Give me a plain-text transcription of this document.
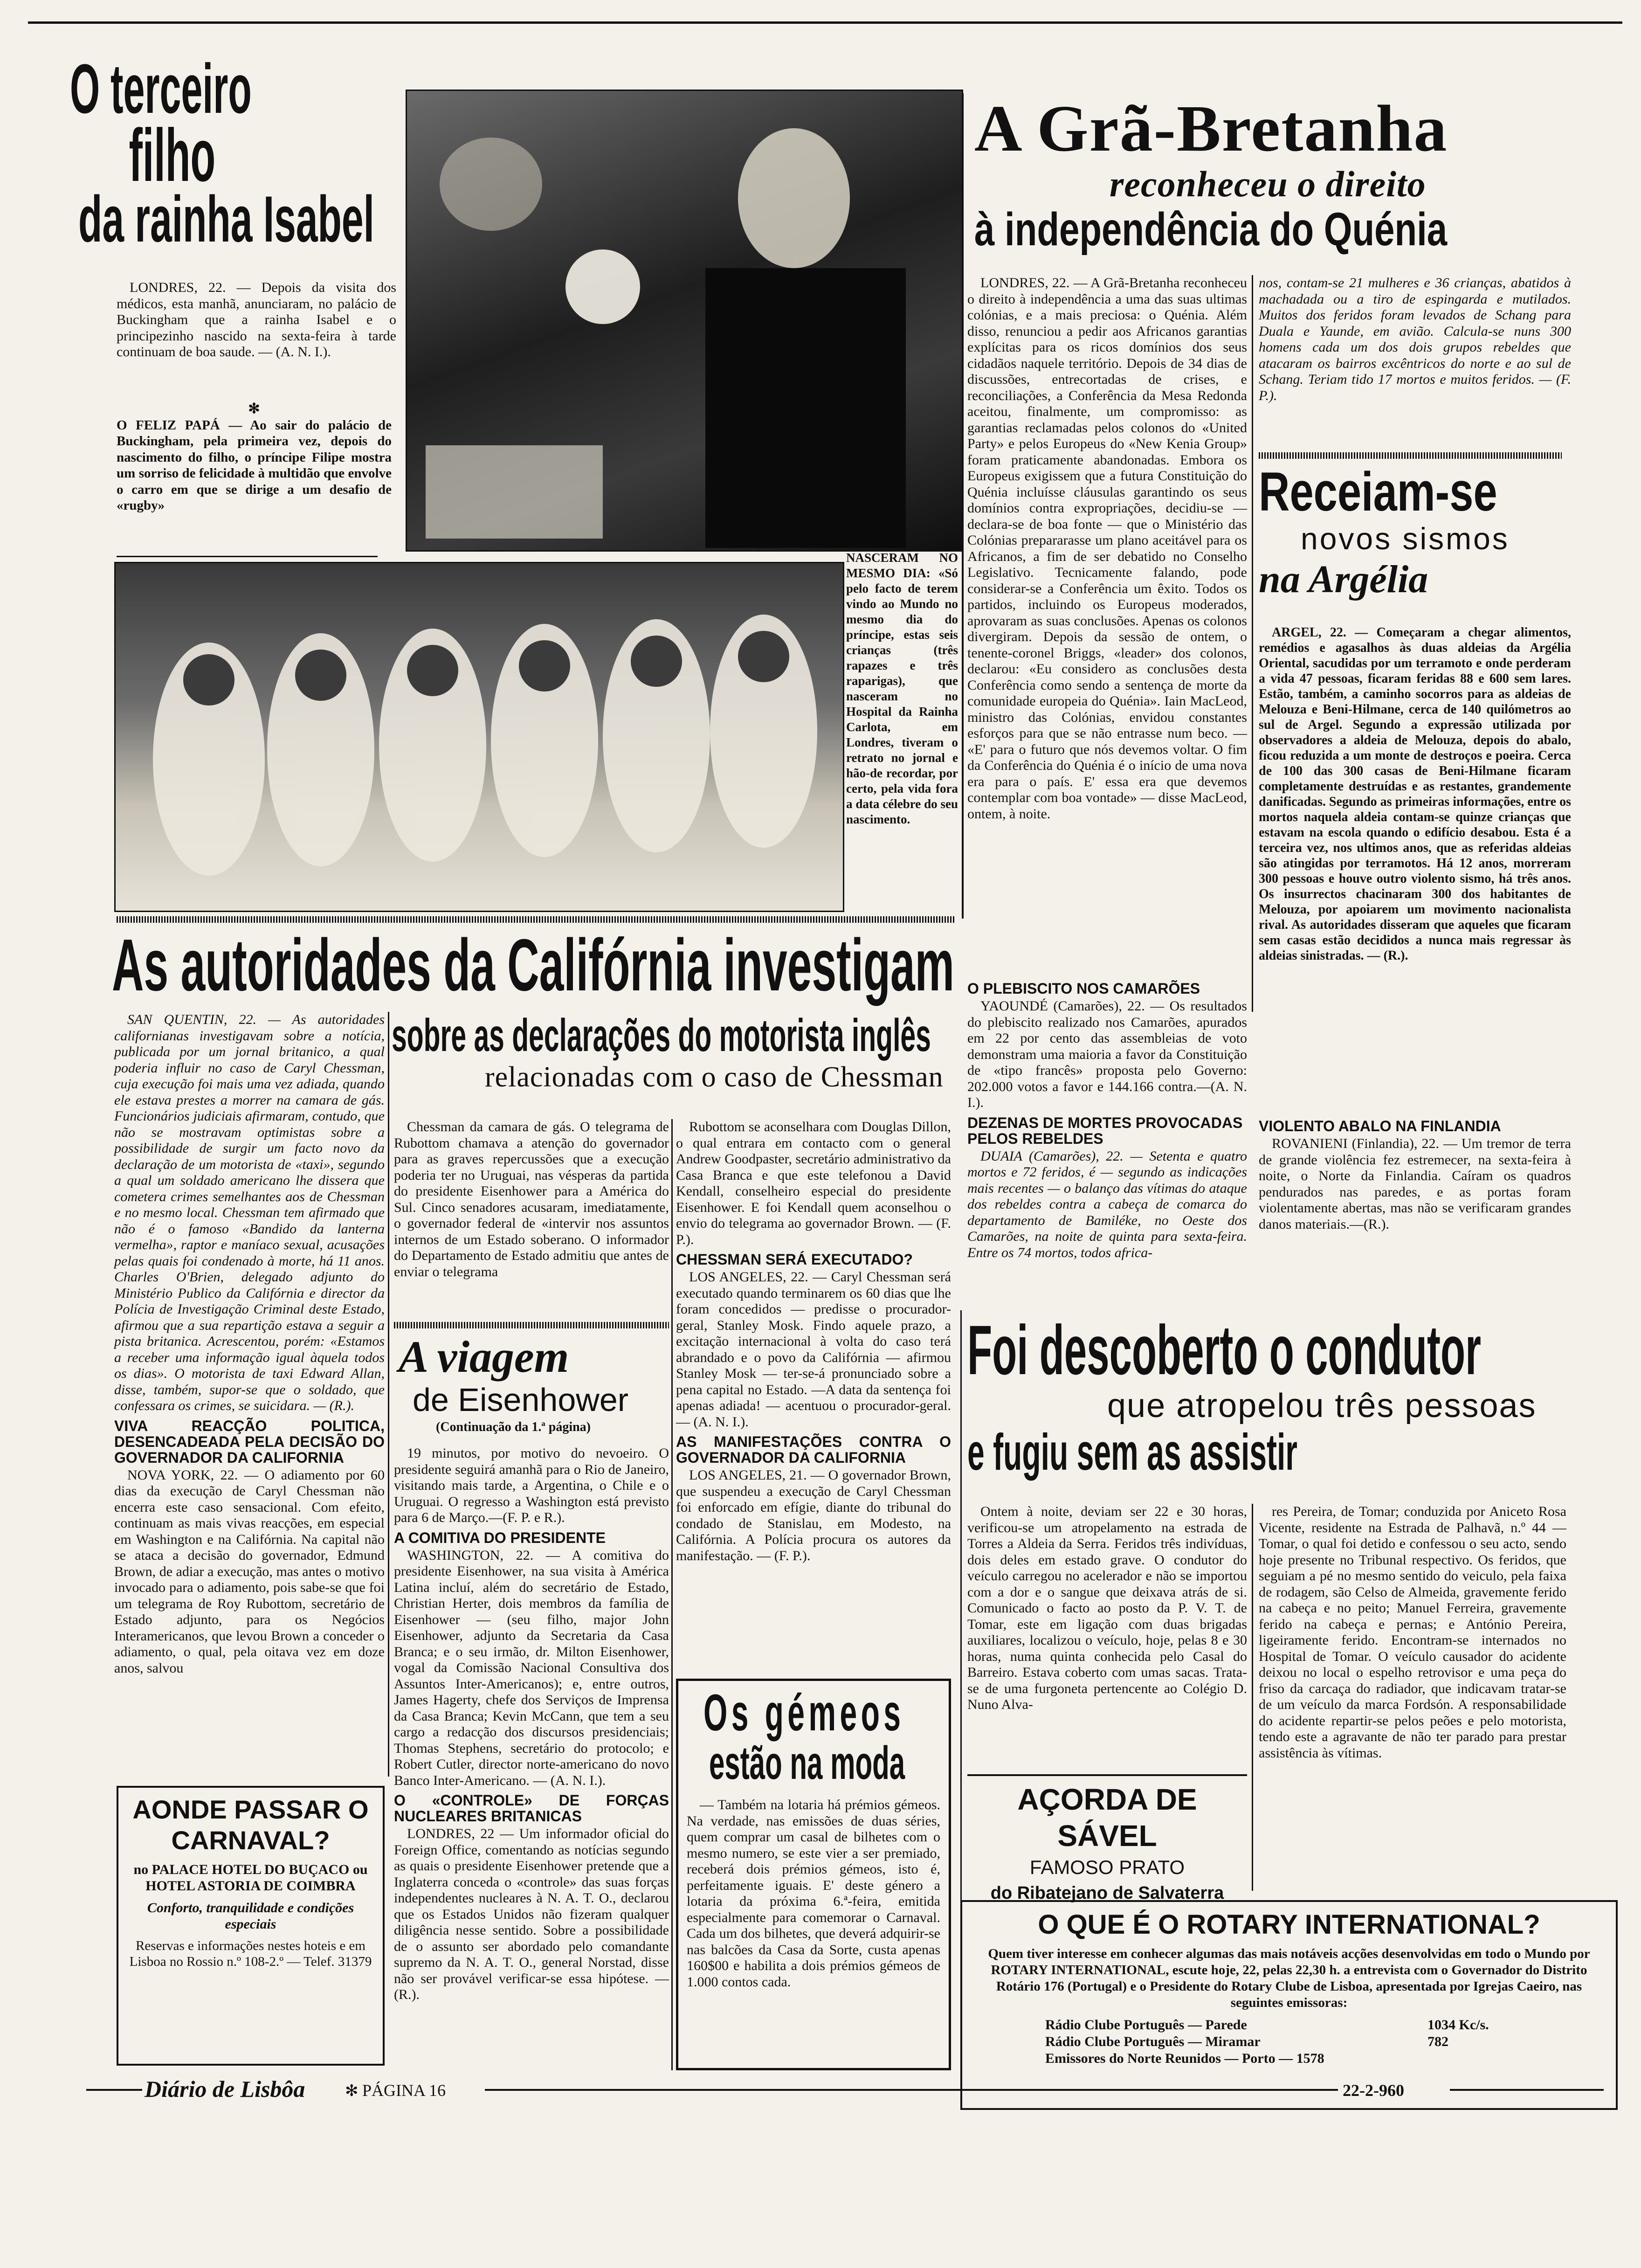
O terceiro
filho
da rainha Isabel

LONDRES, 22. — Depois da visita dos médicos, esta manhã, anunciaram, no palácio de Buckingham que a rainha Isabel e o principezinho nascido na sexta-feira à tarde continuam de boa saude. — (A. N. I.).

✻
O FELIZ PAPÁ — Ao sair do palácio de Buckingham, pela primeira vez, depois do nascimento do filho, o príncipe Filipe mostra um sorriso de felicidade à multidão que envolve o carro em que se dirige a um desafio de «rugby»
NASCERAM NO MESMO DIA: «Só pelo facto de terem vindo ao Mundo no mesmo dia do príncipe, estas seis crianças (três rapazes e três raparigas), que nasceram no Hospital da Rainha Carlota, em Londres, tiveram o retrato no jornal e hão-de recordar, por certo, pela vida fora a data célebre do seu nascimento.
A Grã-Bretanha
reconheceu o direito
à independência do Quénia

LONDRES, 22. — A Grã-Bretanha reconheceu o direito à independência a uma das suas ultimas colónias, e a mais preciosa: o Quénia. Além disso, renunciou a pedir aos Africanos garantias explícitas para os ricos domínios dos seus cidadãos naquele território. Depois de 34 dias de discussões, entrecortadas de crises, e reconciliações, a Conferência da Mesa Redonda aceitou, finalmente, um compromisso: as garantias reclamadas pelos colonos do «United Party» e pelos Europeus do «New Kenia Group» foram praticamente abandonadas. Embora os Europeus exigissem que a futura Constituição do Quénia incluísse cláusulas garantindo os seus domínios contra expropriações, decidiu-se — declara-se de boa fonte — que o Ministério das Colónias prepararasse um plano aceitável para os Africanos, a fim de ser debatido no Conselho Legislativo. Tecnicamente falando, pode considerar-se a Conferência um êxito. Todos os partidos, incluindo os Europeus moderados, aprovaram as suas conclusões. Apenas os colonos divergiram. Depois da sessão de ontem, o tenente-coronel Briggs, «leader» dos colonos, declarou: «Eu considero as conclusões desta Conferência como sendo a sentença de morte da comunidade europeia do Quénia». Iain MacLeod, ministro das Colónias, envidou constantes esforços para que se não entrasse num beco. — «E' para o futuro que nós devemos voltar. O fim da Conferência do Quénia é o início de uma nova era para o país. E' essa era que devemos contemplar com boa vontade» — disse MacLeod, ontem, à noite.

nos, contam-se 21 mulheres e 36 crianças, abatidos à machadada ou a tiro de espingarda e mutilados. Muitos dos feridos foram levados de Schang para Duala e Yaunde, em avião. Calcula-se nuns 300 homens cada um dos dois grupos rebeldes que atacaram os bairros excêntricos do norte e ao sul de Schang. Teriam tido 17 mortos e muitos feridos. — (F. P.).
Receiam-se
novos sismos
na Argélia

ARGEL, 22. — Começaram a chegar alimentos, remédios e agasalhos às duas aldeias da Argélia Oriental, sacudidas por um terramoto e onde perderam a vida 47 pessoas, ficaram feridas 88 e 600 sem lares. Estão, também, a caminho socorros para as aldeias de Melouza e Beni-Hilmane, cerca de 140 quilómetros ao sul de Argel. Segundo a expressão utilizada por observadores a aldeia de Melouza, depois do abalo, ficou reduzida a um monte de destroços e poeira. Cerca de 100 das 300 casas de Beni-Hilmane ficaram completamente destruídas e as restantes, grandemente danificadas. Segundo as primeiras informações, entre os mortos naquela aldeia contam-se quinze crianças que estavam na escola quando o edifício desabou. Esta é a terceira vez, nos ultimos anos, que as referidas aldeias são atingidas por terramotos. Há 12 anos, morreram 300 pessoas e houve outro violento sismo, há três anos. Os insurrectos chacinaram 300 dos habitantes de Melouza, por apoiarem um movimento nacionalista rival. As autoridades disseram que aqueles que ficaram sem casas estão decididos a nunca mais regressar às aldeias sinistradas. — (R.).

VIOLENTO ABALO NA FINLANDIA

ROVANIENI (Finlandia), 22. — Um tremor de terra de grande violência fez estremecer, na sexta-feira à noite, o Norte da Finlandia. Caíram os quadros pendurados nas paredes, e as portas foram violentamente abertas, mas não se verificaram grandes danos materiais.—(R.).

O PLEBISCITO NOS CAMARÕES

YAOUNDÉ (Camarões), 22. — Os resultados do plebiscito realizado nos Camarões, apurados em 22 por cento das assembleias de voto demonstram uma maioria a favor da Constituição de «tipo francês» proposta pelo Governo: 202.000 votos a favor e 144.166 contra.—(A. N. I.).

DEZENAS DE MORTES PROVOCADAS PELOS REBELDES

DUAIA (Camarões), 22. — Setenta e quatro mortos e 72 feridos, é — segundo as indicações mais recentes — o balanço das vítimas do ataque dos rebeldes contra a cabeça de comarca do departamento de Bamiléke, no Oeste dos Camarões, na noite de quinta para sexta-feira. Entre os 74 mortos, todos africa-

As autoridades da Califórnia investigam
sobre as declarações do motorista inglês
relacionadas com o caso de Chessman

SAN QUENTIN, 22. — As autoridades californianas investigavam sobre a notícia, publicada por um jornal britanico, a qual poderia influir no caso de Caryl Chessman, cuja execução foi mais uma vez adiada, quando ele estava prestes a morrer na camara de gás. Funcionários judiciais afirmaram, contudo, que não se mostravam optimistas sobre a possibilidade de surgir um facto novo da declaração de um motorista de «taxi», segundo a qual um soldado americano lhe dissera que cometera crimes semelhantes aos de Chessman e no mesmo local. Chessman tem afirmado que não é o famoso «Bandido da lanterna vermelha», raptor e maníaco sexual, acusações pelas quais foi condenado à morte, há 11 anos. Charles O'Brien, delegado adjunto do Ministério Publico da Califórnia e director da Polícia de Investigação Criminal deste Estado, afirmou que a sua repartição estava a seguir a pista britanica. Acrescentou, porém: «Estamos a receber uma informação igual àquela todos os dias». O motorista de taxi Edward Allan, disse, também, supor-se que o soldado, que confessara os crimes, se suicidara. — (R.).

VIVA REACÇÃO POLITICA, DESENCADEADA PELA DECISÃO DO GOVERNADOR DA CALIFORNIA

NOVA YORK, 22. — O adiamento por 60 dias da execução de Caryl Chessman não encerra este caso sensacional. Com efeito, continuam as mais vivas reacções, em especial em Washington e na Califórnia. Na capital não se ataca a decisão do governador, Edmund Brown, de adiar a execução, mas antes o motivo invocado para o adiamento, pois sabe-se que foi um telegrama de Roy Rubottom, secretário de Estado adjunto, para os Negócios Interamericanos, que levou Brown a conceder o adiamento, o qual, pela oitava vez em doze anos, salvou

Chessman da camara de gás. O telegrama de Rubottom chamava a atenção do governador para as graves repercussões que a execução poderia ter no Uruguai, nas vésperas da partida do presidente Eisenhower para a América do Sul. Cinco senadores acusaram, imediatamente, o governador federal de «intervir nos assuntos internos de um Estado soberano. O informador do Departamento de Estado admitiu que antes de enviar o telegrama

Rubottom se aconselhara com Douglas Dillon, o qual entrara em contacto com o general Andrew Goodpaster, secretário administrativo da Casa Branca e que este telefonou a David Kendall, conselheiro especial do presidente Eisenhower. E foi Kendall quem aconselhou o envio do telegrama ao governador Brown. — (F. P.).

CHESSMAN SERÁ EXECUTADO?

LOS ANGELES, 22. — Caryl Chessman será executado quando terminarem os 60 dias que lhe foram concedidos — predisse o procurador-geral, Stanley Mosk. Findo aquele prazo, a excitação internacional à volta do caso terá abrandado e o povo da Califórnia — afirmou Stanley Mosk — ter-se-á pronunciado sobre a pena capital no Estado. —A data da sentença foi apenas adiada! — acentuou o procurador-geral. — (A. N. I.).

AS MANIFESTAÇÕES CONTRA O GOVERNADOR DA CALIFORNIA

LOS ANGELES, 21. — O governador Brown, que suspendeu a execução de Caryl Chessman foi enforcado em efígie, diante do tribunal do condado de Stanislau, em Modesto, na Califórnia. A Polícia procura os autores da manifestação. — (F. P.).

A viagem
de Eisenhower
(Continuação da 1.ª página)

19 minutos, por motivo do nevoeiro. O presidente seguirá amanhã para o Rio de Janeiro, visitando mais tarde, a Argentina, o Chile e o Uruguai. O regresso a Washington está previsto para 6 de Março.—(F. P. e R.).

A COMITIVA DO PRESIDENTE

WASHINGTON, 22. — A comitiva do presidente Eisenhower, na sua visita à América Latina incluí, além do secretário de Estado, Christian Herter, dois membros da família de Eisenhower — (seu filho, major John Eisenhower, adjunto da Secretaria da Casa Branca; e o seu irmão, dr. Milton Eisenhower, vogal da Comissão Nacional Consultiva dos Assuntos Inter-Americanos); e, entre outros, James Hagerty, chefe dos Serviços de Imprensa da Casa Branca; Kevin McCann, que tem a seu cargo a redacção dos discursos presidenciais; Thomas Stephens, secretário do protocolo; e Robert Cutler, director norte-americano do novo Banco Inter-Americano. — (A. N. I.).

O «CONTROLE» DE FORÇAS NUCLEARES BRITANICAS

LONDRES, 22 — Um informador oficial do Foreign Office, comentando as notícias segundo as quais o presidente Eisenhower pretende que a Inglaterra conceda o «controle» das suas forças independentes nucleares à N. A. T. O., declarou que os Estados Unidos não fizeram qualquer diligência nesse sentido. Sobre a possibilidade de o assunto ser abordado pelo comandante supremo da N. A. T. O., general Norstad, disse não ser provável verificar-se essa hipótese. — (R.).

AONDE PASSAR O CARNAVAL?
no PALACE HOTEL DO BUÇACO ou HOTEL ASTORIA DE COIMBRA
Conforto, tranquilidade e condições especiais
Reservas e informações nestes hoteis e em Lisboa no Rossio n.º 108-2.º — Telef. 31379
Os gémeos
estão na moda

— Também na lotaria há prémios gémeos. Na verdade, nas emissões de duas séries, quem comprar um casal de bilhetes com o mesmo numero, se este vier a ser premiado, receberá dois prémios gémeos, isto é, perfeitamente iguais. E' deste género a lotaria da próxima 6.ª-feira, emitida especialmente para comemorar o Carnaval. Cada um dos bilhetes, que deverá adquirir-se nas balcões da Casa da Sorte, custa apenas 160$00 e habilita a dois prémios gémeos de 1.000 contos cada.

Foi descoberto o condutor
que atropelou três pessoas
e fugiu sem as assistir

Ontem à noite, deviam ser 22 e 30 horas, verificou-se um atropelamento na estrada de Torres a Aldeia da Serra. Feridos três indivíduas, dois deles em estado grave. O condutor do veículo carregou no acelerador e não se importou com a dor e o sangue que deixava atrás de si. Comunicado o facto ao posto da P. V. T. de Tomar, este em ligação com duas brigadas auxiliares, localizou o veículo, hoje, pelas 8 e 30 horas, numa quinta conhecida pelo Casal do Barreiro. Estava coberto com umas sacas. Trata-se de uma furgoneta pertencente ao Colégio D. Nuno Alva-

res Pereira, de Tomar; conduzida por Aniceto Rosa Vicente, residente na Estrada de Palhavã, n.º 44 — Tomar, o qual foi detido e confessou o seu acto, sendo hoje presente no Tribunal respectivo. Os feridos, que seguiam a pé no mesmo sentido do veiculo, pela faixa de rodagem, são Celso de Almeida, gravemente ferido na cabeça e no peito; Manuel Ferreira, gravemente ferido na cabeça e pernas; e António Pereira, ligeiramente ferido. Encontram-se internados no Hospital de Tomar. O veículo causador do acidente deixou no local o espelho retrovisor e uma peça do friso da carcaça do radiador, que indicavam tratar-se de um veículo da marca Fordsón. A responsabilidade do acidente repartir-se pelos peões e pelo motorista, tendo este a agravante de não ter parado para prestar assistência às vítimas.

AÇORDA DE SÁVEL
FAMOSO PRATO
do Ribatejano de Salvaterra
O QUE É O ROTARY INTERNATIONAL?
Quem tiver interesse em conhecer algumas das mais notáveis acções desenvolvidas em todo o Mundo por ROTARY INTERNATIONAL, escute hoje, 22, pelas 22,30 h. a entrevista com o Governador do Distrito Rotário 176 (Portugal) e o Presidente do Rotary Clube de Lisboa, apresentada por Igrejas Caeiro, nas seguintes emissoras:
Rádio Clube Português — Parede	1034 Kc/s.
Rádio Clube Português — Miramar	782
Emissores do Norte Reunidos — Porto — 1578
Diário de Lisbôa	✻ PÁGINA 16	22-2-960
